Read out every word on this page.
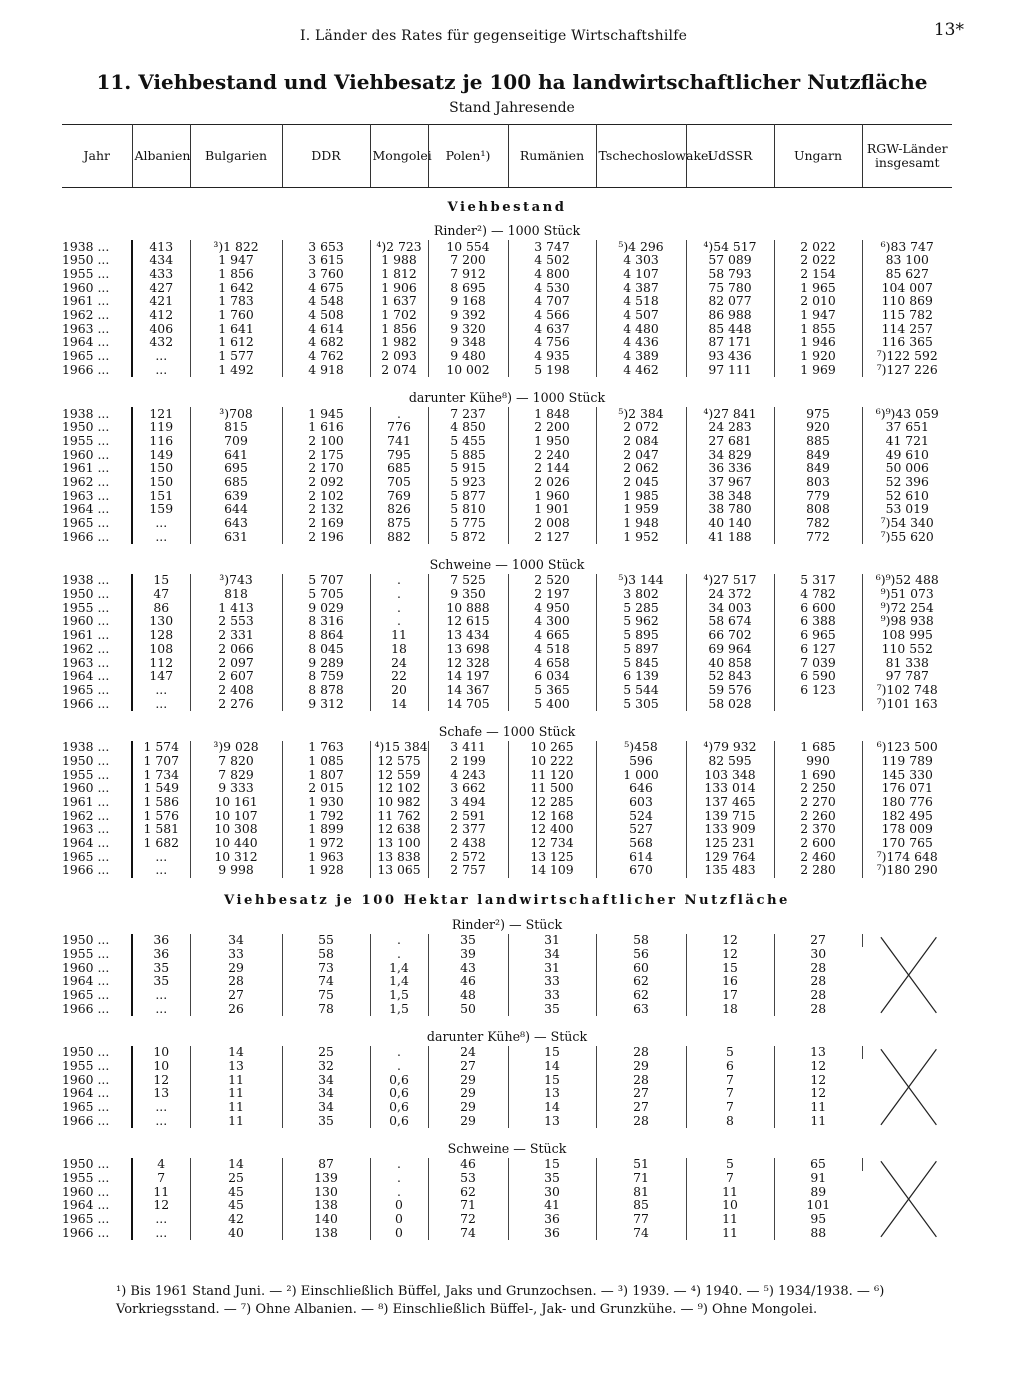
I. Länder des Rates für gegenseitige Wirtschaftshilfe	13*
11. Viehbestand und Viehbesatz je 100 ha landwirtschaftlicher Nutzfläche
Stand Jahresende
Jahr	Albanien	Bulgarien	DDR	Mongolei	Polen¹)	Rumänien	Tschechoslowakei	UdSSR	Ungarn	RGW-Länder insgesamt
Viehbestand										
Rinder²) — 1000 Stück										
1938 ...	413	³)1 822	3 653	⁴)2 723	10 554	3 747	⁵)4 296	⁴)54 517	2 022	⁶)83 747
1950 ...	434	1 947	3 615	1 988	7 200	4 502	4 303	57 089	2 022	83 100
1955 ...	433	1 856	3 760	1 812	7 912	4 800	4 107	58 793	2 154	85 627
1960 ...	427	1 642	4 675	1 906	8 695	4 530	4 387	75 780	1 965	104 007
1961 ...	421	1 783	4 548	1 637	9 168	4 707	4 518	82 077	2 010	110 869
1962 ...	412	1 760	4 508	1 702	9 392	4 566	4 507	86 988	1 947	115 782
1963 ...	406	1 641	4 614	1 856	9 320	4 637	4 480	85 448	1 855	114 257
1964 ...	432	1 612	4 682	1 982	9 348	4 756	4 436	87 171	1 946	116 365
1965 ...	...	1 577	4 762	2 093	9 480	4 935	4 389	93 436	1 920	⁷)122 592
1966 ...	...	1 492	4 918	2 074	10 002	5 198	4 462	97 111	1 969	⁷)127 226

darunter Kühe⁸) — 1000 Stück										
1938 ...	121	³)708	1 945	.	7 237	1 848	⁵)2 384	⁴)27 841	975	⁶)⁹)43 059
1950 ...	119	815	1 616	776	4 850	2 200	2 072	24 283	920	37 651
1955 ...	116	709	2 100	741	5 455	1 950	2 084	27 681	885	41 721
1960 ...	149	641	2 175	795	5 885	2 240	2 047	34 829	849	49 610
1961 ...	150	695	2 170	685	5 915	2 144	2 062	36 336	849	50 006
1962 ...	150	685	2 092	705	5 923	2 026	2 045	37 967	803	52 396
1963 ...	151	639	2 102	769	5 877	1 960	1 985	38 348	779	52 610
1964 ...	159	644	2 132	826	5 810	1 901	1 959	38 780	808	53 019
1965 ...	...	643	2 169	875	5 775	2 008	1 948	40 140	782	⁷)54 340
1966 ...	...	631	2 196	882	5 872	2 127	1 952	41 188	772	⁷)55 620

Schweine — 1000 Stück										
1938 ...	15	³)743	5 707	.	7 525	2 520	⁵)3 144	⁴)27 517	5 317	⁶)⁹)52 488
1950 ...	47	818	5 705	.	9 350	2 197	3 802	24 372	4 782	⁹)51 073
1955 ...	86	1 413	9 029	.	10 888	4 950	5 285	34 003	6 600	⁹)72 254
1960 ...	130	2 553	8 316	.	12 615	4 300	5 962	58 674	6 388	⁹)98 938
1961 ...	128	2 331	8 864	11	13 434	4 665	5 895	66 702	6 965	108 995
1962 ...	108	2 066	8 045	18	13 698	4 518	5 897	69 964	6 127	110 552
1963 ...	112	2 097	9 289	24	12 328	4 658	5 845	40 858	7 039	81 338
1964 ...	147	2 607	8 759	22	14 197	6 034	6 139	52 843	6 590	97 787
1965 ...	...	2 408	8 878	20	14 367	5 365	5 544	59 576	6 123	⁷)102 748
1966 ...	...	2 276	9 312	14	14 705	5 400	5 305	58 028		⁷)101 163

Schafe — 1000 Stück										
1938 ...	1 574	³)9 028	1 763	⁴)15 384	3 411	10 265	⁵)458	⁴)79 932	1 685	⁶)123 500
1950 ...	1 707	7 820	1 085	12 575	2 199	10 222	596	82 595	990	119 789
1955 ...	1 734	7 829	1 807	12 559	4 243	11 120	1 000	103 348	1 690	145 330
1960 ...	1 549	9 333	2 015	12 102	3 662	11 500	646	133 014	2 250	176 071
1961 ...	1 586	10 161	1 930	10 982	3 494	12 285	603	137 465	2 270	180 776
1962 ...	1 576	10 107	1 792	11 762	2 591	12 168	524	139 715	2 260	182 495
1963 ...	1 581	10 308	1 899	12 638	2 377	12 400	527	133 909	2 370	178 009
1964 ...	1 682	10 440	1 972	13 100	2 438	12 734	568	125 231	2 600	170 765
1965 ...	...	10 312	1 963	13 838	2 572	13 125	614	129 764	2 460	⁷)174 648
1966 ...	...	9 998	1 928	13 065	2 757	14 109	670	135 483	2 280	⁷)180 290
Viehbesatz je 100 Hektar landwirtschaftlicher Nutzfläche										
Rinder²) — Stück										
1950 ...	36	34	55	.	35	31	58	12	27	

1955 ...	36	33	58	.	39	34	56	12	30	
1960 ...	35	29	73	1,4	43	31	60	15	28	
1964 ...	35	28	74	1,4	46	33	62	16	28	
1965 ...	...	27	75	1,5	48	33	62	17	28	
1966 ...	...	26	78	1,5	50	35	63	18	28	

darunter Kühe⁸) — Stück										
1950 ...	10	14	25	.	24	15	28	5	13	

1955 ...	10	13	32	.	27	14	29	6	12	
1960 ...	12	11	34	0,6	29	15	28	7	12	
1964 ...	13	11	34	0,6	29	13	27	7	12	
1965 ...	...	11	34	0,6	29	14	27	7	11	
1966 ...	...	11	35	0,6	29	13	28	8	11	

Schweine — Stück										
1950 ...	4	14	87	.	46	15	51	5	65	

1955 ...	7	25	139	.	53	35	71	7	91	
1960 ...	11	45	130	.	62	30	81	11	89	
1964 ...	12	45	138	0	71	41	85	10	101	
1965 ...	...	42	140	0	72	36	77	11	95	
1966 ...	...	40	138	0	74	36	74	11	88	
¹) Bis 1961 Stand Juni. — ²) Einschließlich Büffel, Jaks und Grunzochsen. — ³) 1939. — ⁴) 1940. — ⁵) 1934/1938. — ⁶) Vorkriegsstand. — ⁷) Ohne Albanien. — ⁸) Einschließlich Büffel-, Jak- und Grunzkühe. — ⁹) Ohne Mongolei.
